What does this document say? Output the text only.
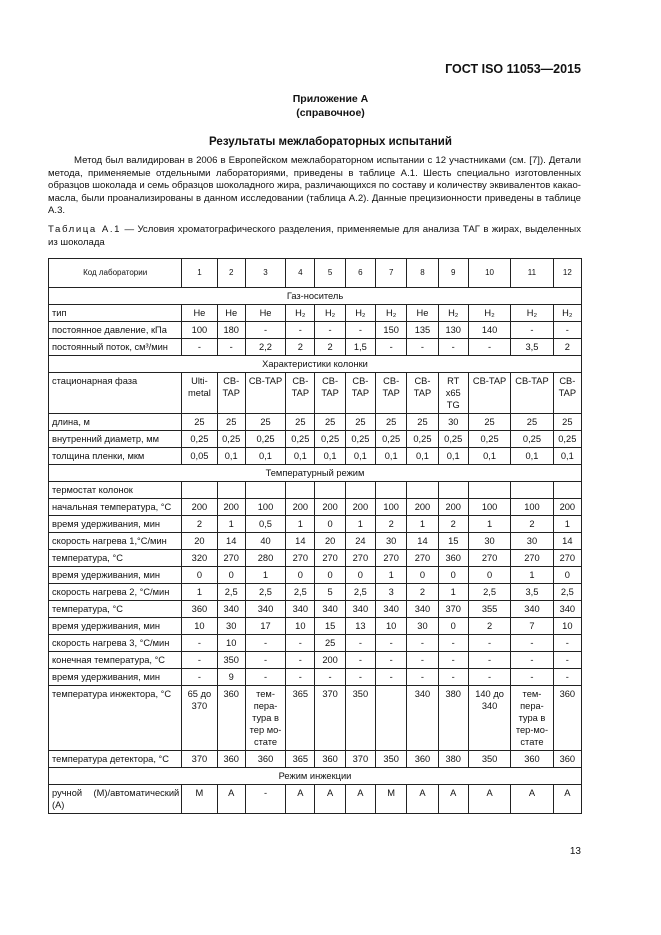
ГОСТ ISO 11053—2015
Приложение А
(справочное)
Результаты межлабораторных испытаний
Метод был валидирован в 2006 в Европейском межлабораторном испытании с 12 участниками (см. [7]). Детали метода, применяемые отдельными лабораториями, приведены в таблице А.1. Шесть специально изготовленных образцов шоколада и семь образцов шоколадного жира, различающихся по составу и количеству эквивалентов какао-масла, были проанализированы в данном исследовании (таблица А.2). Данные прецизионности приведены в таблице А.3.
Таблица А.1 — Условия хроматографического разделения, применяемые для анализа ТАГ в жирах, выделенных из шоколада
Код лаборатории	1	2	3	4	5	6	7	8	9	10	11	12
Газ-носитель												
тип	He	He	He	H₂	H₂	H₂	H₂	He	H₂	H₂	H₂	H₂
постоянное давление, кПа	100	180	-	-	-	-	150	135	130	140	-	-
постоянный поток, см³/мин	-	-	2,2	2	2	1,5	-	-	-	-	3,5	2
Характеристики колонки												
стационарная фаза	Ulti-metal	CB-TAP	CB-TAP	CB-TAP	CB-TAP	CB-TAP	CB-TAP	CB-TAP	RT x65 TG	CB-TAP	CB-TAP	CB-TAP
длина, м	25	25	25	25	25	25	25	25	30	25	25	25
внутренний диаметр, мм	0,25	0,25	0,25	0,25	0,25	0,25	0,25	0,25	0,25	0,25	0,25	0,25
толщина пленки, мкм	0,05	0,1	0,1	0,1	0,1	0,1	0,1	0,1	0,1	0,1	0,1	0,1
Температурный режим												
термостат колонок												
начальная температура, °С	200	200	100	200	200	200	100	200	200	100	100	200
время удерживания, мин	2	1	0,5	1	0	1	2	1	2	1	2	1
скорость нагрева 1,°С/мин	20	14	40	14	20	24	30	14	15	30	30	14
температура, °С	320	270	280	270	270	270	270	270	360	270	270	270
время удерживания, мин	0	0	1	0	0	0	1	0	0	0	1	0
скорость нагрева 2, °С/мин	1	2,5	2,5	2,5	5	2,5	3	2	1	2,5	3,5	2,5
температура, °С	360	340	340	340	340	340	340	340	370	355	340	340
время удерживания, мин	10	30	17	10	15	13	10	30	0	2	7	10
скорость нагрева 3, °С/мин	-	10	-	-	25	-	-	-	-	-	-	-
конечная температура, °С	-	350	-	-	200	-	-	-	-	-	-	-
время удерживания, мин	-	9	-	-	-	-	-	-	-	-	-	-
температура инжектора, °С	65 до 370	360	тем-пера-тура в тер мо-стате	365	370	350		340	380	140 до 340	тем-пера-тура в тер-мо-стате	360
температура детектора, °С	370	360	360	365	360	370	350	360	380	350	360	360
Режим инжекции												
ручной (М)/автоматический (А)	M	A	-	A	A	A	M	A	A	A	A	A
13
